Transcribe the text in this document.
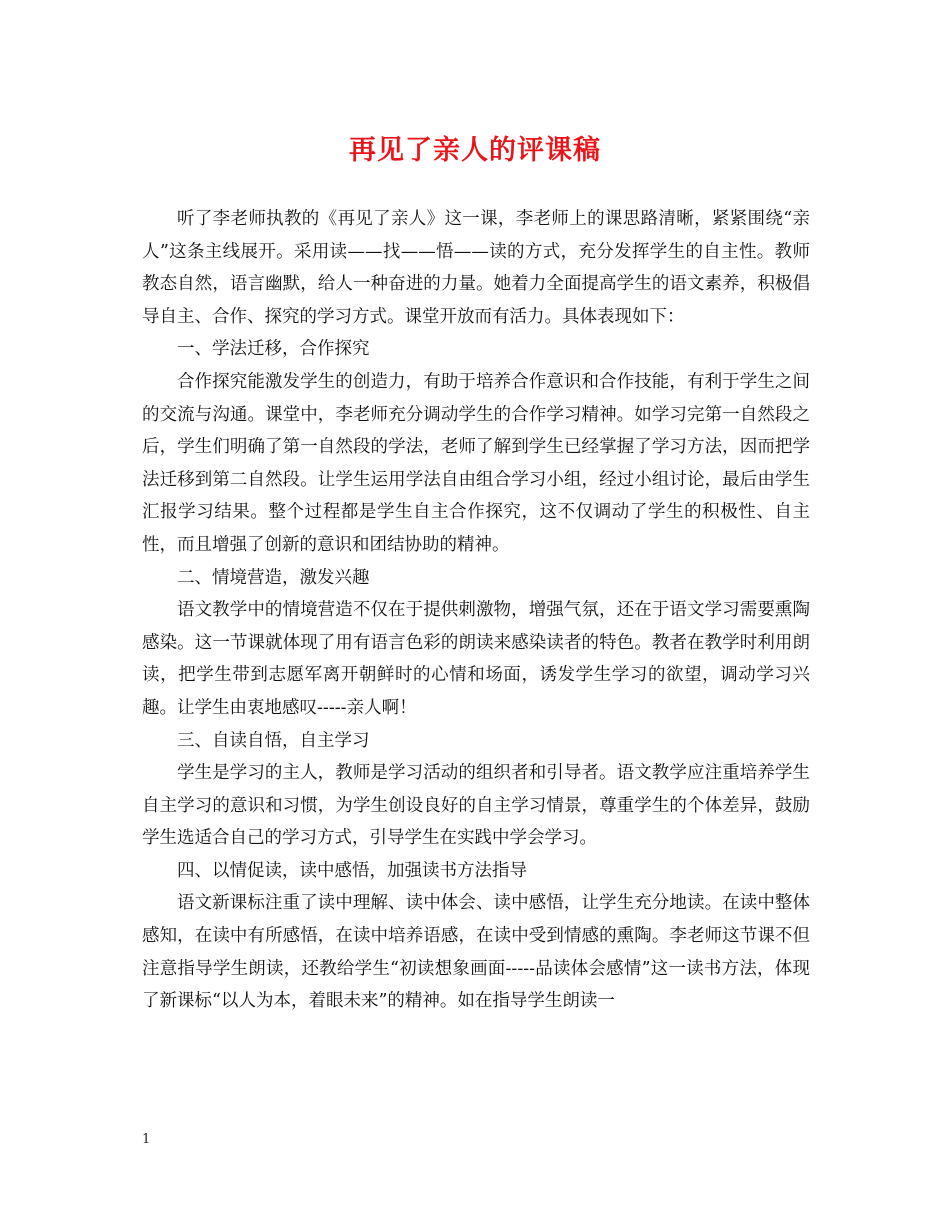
再见了亲人的评课稿

听了李老师执教的《再见了亲人》这一课，李老师上的课思路清晰，紧紧围绕“亲人”这条主线展开。采用读——找——悟——读的方式，充分发挥学生的自主性。教师教态自然，语言幽默，给人一种奋进的力量。她着力全面提高学生的语文素养，积极倡导自主、合作、探究的学习方式。课堂开放而有活力。具体表现如下：

一、学法迁移，合作探究

合作探究能激发学生的创造力，有助于培养合作意识和合作技能，有利于学生之间的交流与沟通。课堂中，李老师充分调动学生的合作学习精神。如学习完第一自然段之后，学生们明确了第一自然段的学法，老师了解到学生已经掌握了学习方法，因而把学法迁移到第二自然段。让学生运用学法自由组合学习小组，经过小组讨论，最后由学生汇报学习结果。整个过程都是学生自主合作探究，这不仅调动了学生的积极性、自主性，而且增强了创新的意识和团结协助的精神。

二、情境营造，激发兴趣

语文教学中的情境营造不仅在于提供刺激物，增强气氛，还在于语文学习需要熏陶感染。这一节课就体现了用有语言色彩的朗读来感染读者的特色。教者在教学时利用朗读，把学生带到志愿军离开朝鲜时的心情和场面，诱发学生学习的欲望，调动学习兴趣。让学生由衷地感叹-----亲人啊！

三、自读自悟，自主学习

学生是学习的主人，教师是学习活动的组织者和引导者。语文教学应注重培养学生自主学习的意识和习惯，为学生创设良好的自主学习情景，尊重学生的个体差异，鼓励学生选适合自己的学习方式，引导学生在实践中学会学习。

四、以情促读，读中感悟，加强读书方法指导

语文新课标注重了读中理解、读中体会、读中感悟，让学生充分地读。在读中整体感知，在读中有所感悟，在读中培养语感，在读中受到情感的熏陶。李老师这节课不但注意指导学生朗读，还教给学生“初读想象画面-----品读体会感情”这一读书方法，体现了新课标“以人为本，着眼未来”的精神。如在指导学生朗读一

1
